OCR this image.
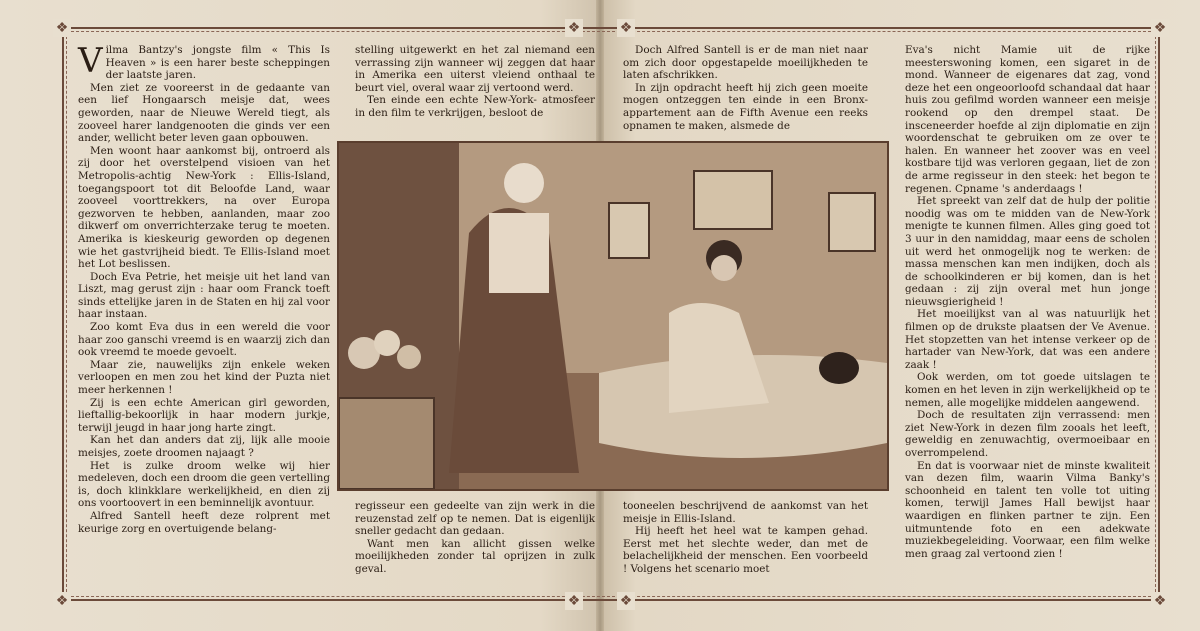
❖	❖
❖	❖
❖	❖
❖	❖

Vilma Bantzy's jongste film « This Is Heaven » is een harer beste scheppingen der laatste jaren.

Men ziet ze vooreerst in de gedaante van een lief Hongaarsch meisje dat, wees geworden, naar de Nieuwe Wereld tiegt, als zooveel harer landgenooten die ginds ver een ander, wellicht beter leven gaan opbouwen.

Men woont haar aankomst bij, ontroerd als zij door het overstelpend visioen van het Metropolis-achtig New-York : Ellis-Island, toegangspoort tot dit Beloofde Land, waar zooveel voorttrekkers, na over Europa gezworven te hebben, aanlanden, maar zoo dikwerf om onverrichterzake terug te moeten. Amerika is kieskeurig geworden op degenen wie het gastvrijheid biedt. Te Ellis-Island moet het Lot beslissen.

Doch Eva Petrie, het meisje uit het land van Liszt, mag gerust zijn : haar oom Franck toeft sinds ettelijke jaren in de Staten en hij zal voor haar instaan.

Zoo komt Eva dus in een wereld die voor haar zoo ganschi vreemd is en waarzij zich dan ook vreemd te moede gevoelt.

Maar zie, nauwelijks zijn enkele weken verloopen en men zou het kind der Puzta niet meer herkennen !

Zij is een echte American girl geworden, lieftallig-bekoorlijk in haar modern jurkje, terwijl jeugd in haar jong harte zingt.

Kan het dan anders dat zij, lijk alle mooie meisjes, zoete droomen najaagt ?

Het is zulke droom welke wij hier medeleven, doch een droom die geen vertelling is, doch klinkklare werkelijkheid, en dien zij ons voortoovert in een beminnelijk avontuur.

Alfred Santell heeft deze rolprent met keurige zorg en overtuigende belang-

stelling uitgewerkt en het zal niemand een verrassing zijn wanneer wij zeggen dat haar in Amerika een uiterst vleiend onthaal te beurt viel, overal waar zij vertoond werd.

Ten einde een echte New-York- atmosfeer in den film te verkrijgen, besloot de

Doch Alfred Santell is er de man niet naar om zich door opgestapelde moeilijkheden te laten afschrikken.

In zijn opdracht heeft hij zich geen moeite mogen ontzeggen ten einde in een Bronx-appartement aan de Fifth Avenue een reeks opnamen te maken, alsmede de

regisseur een gedeelte van zijn werk in die reuzenstad zelf op te nemen. Dat is eigenlijk sneller gedacht dan gedaan.

Want men kan allicht gissen welke moeilijkheden zonder tal oprijzen in zulk geval.

tooneelen beschrijvend de aankomst van het meisje in Ellis-Island.

Hij heeft het heel wat te kampen gehad. Eerst met het slechte weder, dan met de belachelijkheid der menschen. Een voorbeeld ! Volgens het scenario moet

Eva's nicht Mamie uit de rijke meesterswoning komen, een sigaret in de mond. Wanneer de eigenares dat zag, vond deze het een ongeoorloofd schandaal dat haar huis zou gefilmd worden wanneer een meisje rookend op den drempel staat. De insceneerder hoefde al zijn diplomatie en zijn woordenschat te gebruiken om ze over te halen. En wanneer het zoover was en veel kostbare tijd was verloren gegaan, liet de zon de arme regisseur in den steek: het begon te regenen. Cpname 's anderdaags !

Het spreekt van zelf dat de hulp der politie noodig was om te midden van de New-York menigte te kunnen filmen. Alles ging goed tot 3 uur in den namiddag, maar eens de scholen uit werd het onmogelijk nog te werken: de massa menschen kan men indijken, doch als de schoolkinderen er bij komen, dan is het gedaan : zij zijn overal met hun jonge nieuwsgierigheid !

Het moeilijkst van al was natuurlijk het filmen op de drukste plaatsen der Ve Avenue. Het stopzetten van het intense verkeer op de hartader van New-York, dat was een andere zaak !

Ook werden, om tot goede uitslagen te komen en het leven in zijn werkelijkheid op te nemen, alle mogelijke middelen aangewend.

Doch de resultaten zijn verrassend: men ziet New-York in dezen film zooals het leeft, geweldig en zenuwachtig, overmoeibaar en overrompelend.

En dat is voorwaar niet de minste kwaliteit van dezen film, waarin Vilma Banky's schoonheid en talent ten volle tot uiting komen, terwijl James Hall bewijst haar waardigen en flinken partner te zijn. Een uitmuntende foto en een adekwate muziekbegeleiding. Voorwaar, een film welke men graag zal vertoond zien !
